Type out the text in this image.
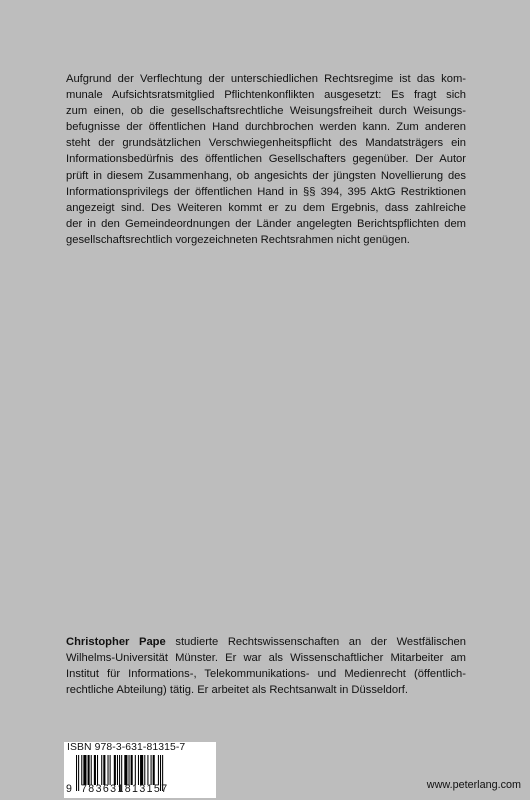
Aufgrund der Verflechtung der unterschiedlichen Rechtsregime ist das kom-

munale Aufsichtsratsmitglied Pflichtenkonflikten ausgesetzt: Es fragt sich

zum einen, ob die gesellschaftsrechtliche Weisungsfreiheit durch Weisungs-

befugnisse der öffentlichen Hand durchbrochen werden kann. Zum anderen

steht der grundsätzlichen Verschwiegenheitspflicht des Mandatsträgers ein

Informationsbedürfnis des öffentlichen Gesellschafters gegenüber. Der Autor

prüft in diesem Zusammenhang, ob angesichts der jüngsten Novellierung des

Informationsprivilegs der öffentlichen Hand in §§ 394, 395 AktG Restriktionen

angezeigt sind. Des Weiteren kommt er zu dem Ergebnis, dass zahlreiche

der in den Gemeindeordnungen der Länder angelegten Berichtspflichten dem

gesellschaftsrechtlich vorgezeichneten Rechtsrahmen nicht genügen.

Christopher Pape studierte Rechtswissenschaften an der Westfälischen

Wilhelms-Universität Münster. Er war als Wissenschaftlicher Mitarbeiter am

Institut für Informations-, Telekommunikations- und Medienrecht (öffentlich-

rechtliche Abteilung) tätig. Er arbeitet als Rechtsanwalt in Düsseldorf.

ISBN 978-3-631-81315-7
9 783631813157	www.peterlang.com
